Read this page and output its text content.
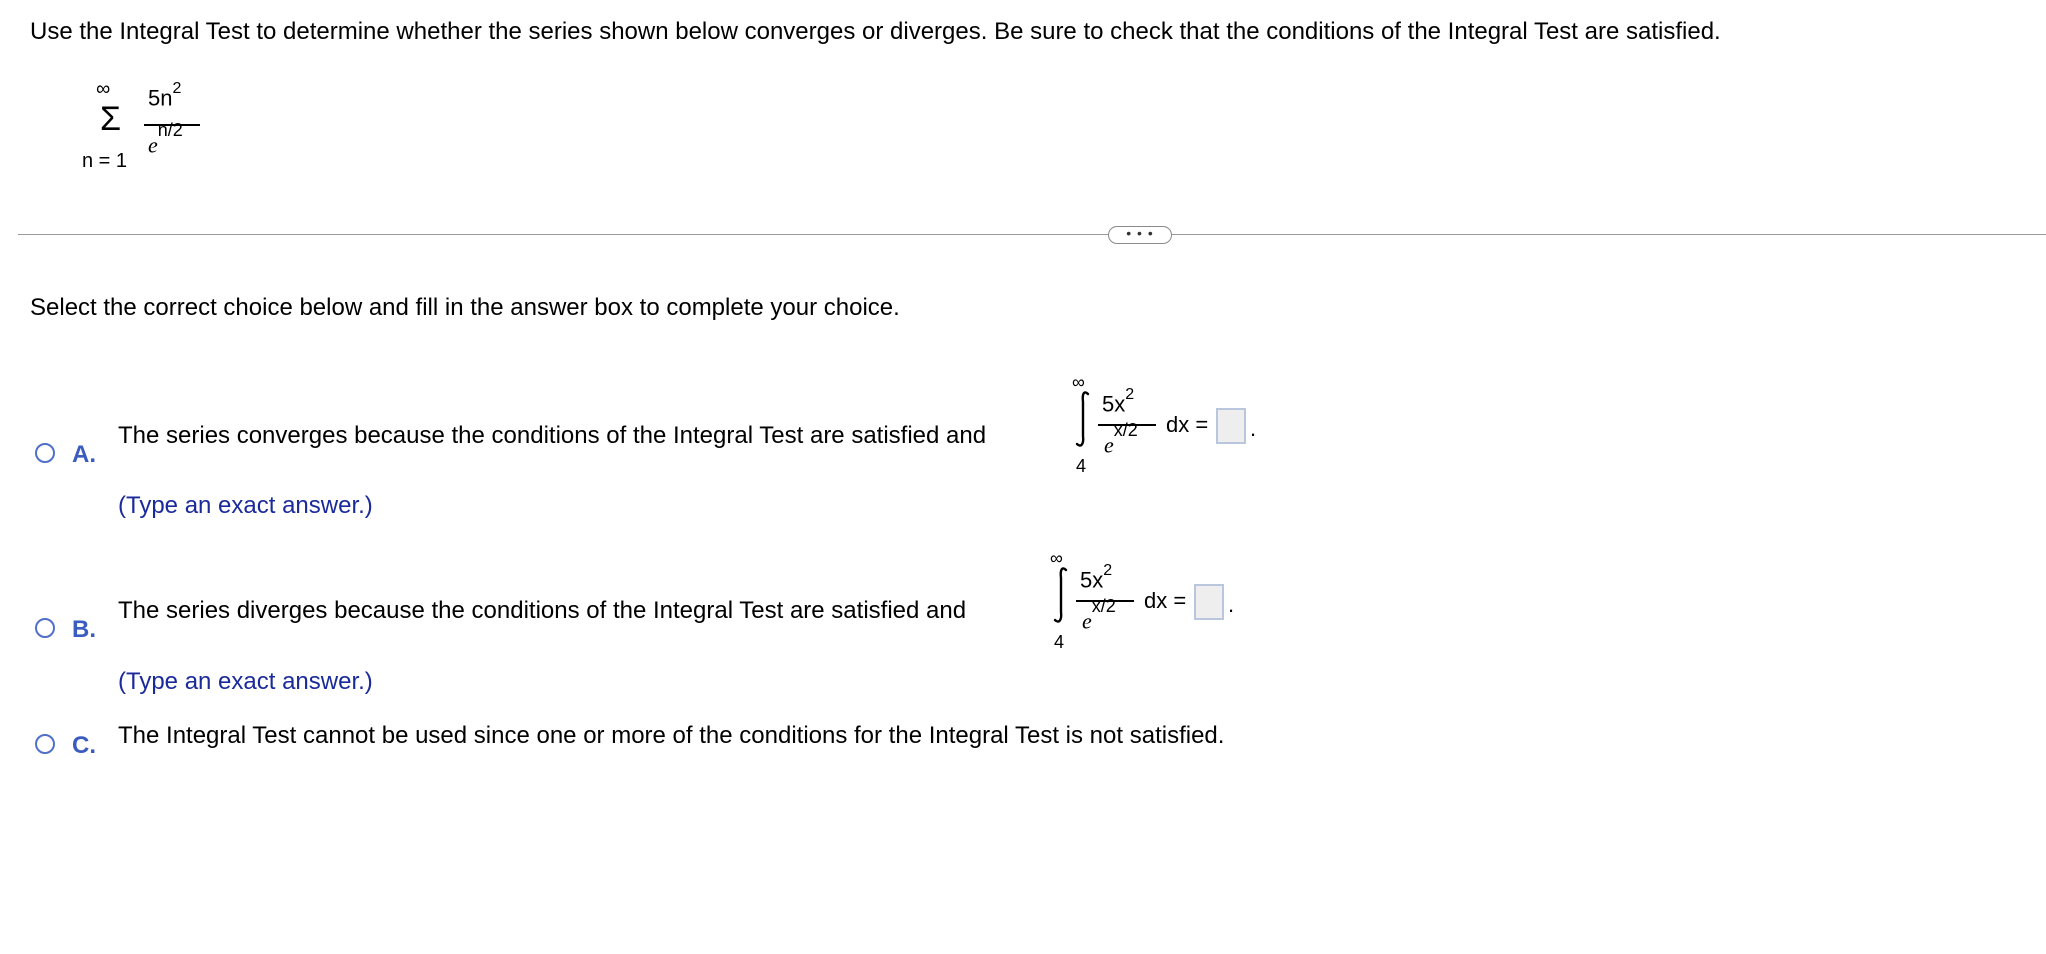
Use the Integral Test to determine whether the series shown below converges or diverges. Be sure to check that the conditions of the Integral Test are satisfied.
∞
Σ
n = 1
$5n^2$
$e^{n/2}$
• • •
Select the correct choice below and fill in the answer box to complete your choice.
A.
The series converges because the conditions of the Integral Test are satisfied and
∞
4
$5x^2$
$e^{x/2}$ dx = .
(Type an exact answer.)
B.
The series diverges because the conditions of the Integral Test are satisfied and
∞
4
$5x^2$
$e^{x/2}$ dx = .
(Type an exact answer.)
C. The Integral Test cannot be used since one or more of the conditions for the Integral Test is not satisfied.
